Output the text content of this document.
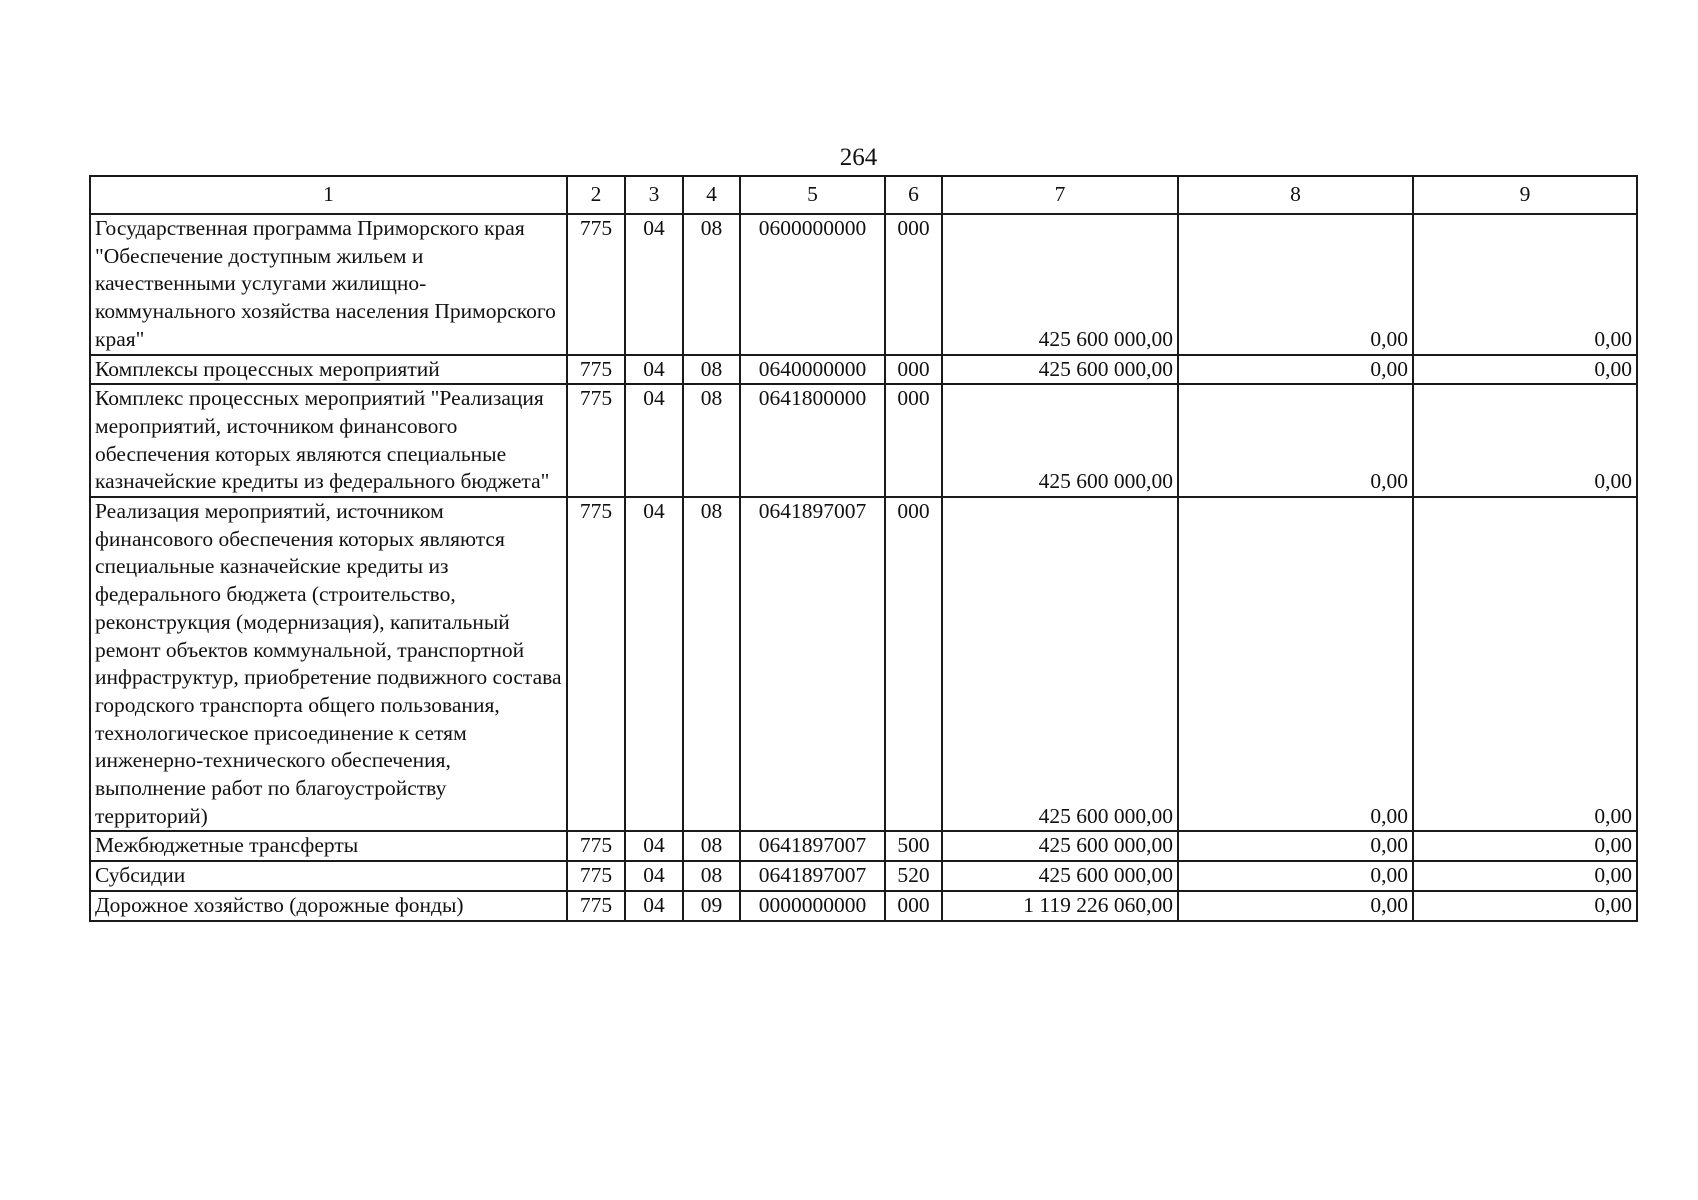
264
1	2	3	4	5	6	7	8	9
Государственная программа Приморского края "Обеспечение доступным жильем и качественными услугами жилищно-коммунального хозяйства населения Приморского края"	775	04	08	0600000000	000	425 600 000,00	0,00	0,00
Комплексы процессных мероприятий	775	04	08	0640000000	000	425 600 000,00	0,00	0,00
Комплекс процессных мероприятий "Реализация мероприятий, источником финансового обеспечения которых являются специальные казначейские кредиты из федерального бюджета"	775	04	08	0641800000	000	425 600 000,00	0,00	0,00
Реализация мероприятий, источником финансового обеспечения которых являются специальные казначейские кредиты из федерального бюджета (строительство, реконструкция (модернизация), капитальный ремонт объектов коммунальной, транспортной инфраструктур, приобретение подвижного состава городского транспорта общего пользования, технологическое присоединение к сетям инженерно-технического обеспечения, выполнение работ по благоустройству территорий)	775	04	08	0641897007	000	425 600 000,00	0,00	0,00
Межбюджетные трансферты	775	04	08	0641897007	500	425 600 000,00	0,00	0,00
Субсидии	775	04	08	0641897007	520	425 600 000,00	0,00	0,00
Дорожное хозяйство (дорожные фонды)	775	04	09	0000000000	000	1 119 226 060,00	0,00	0,00
